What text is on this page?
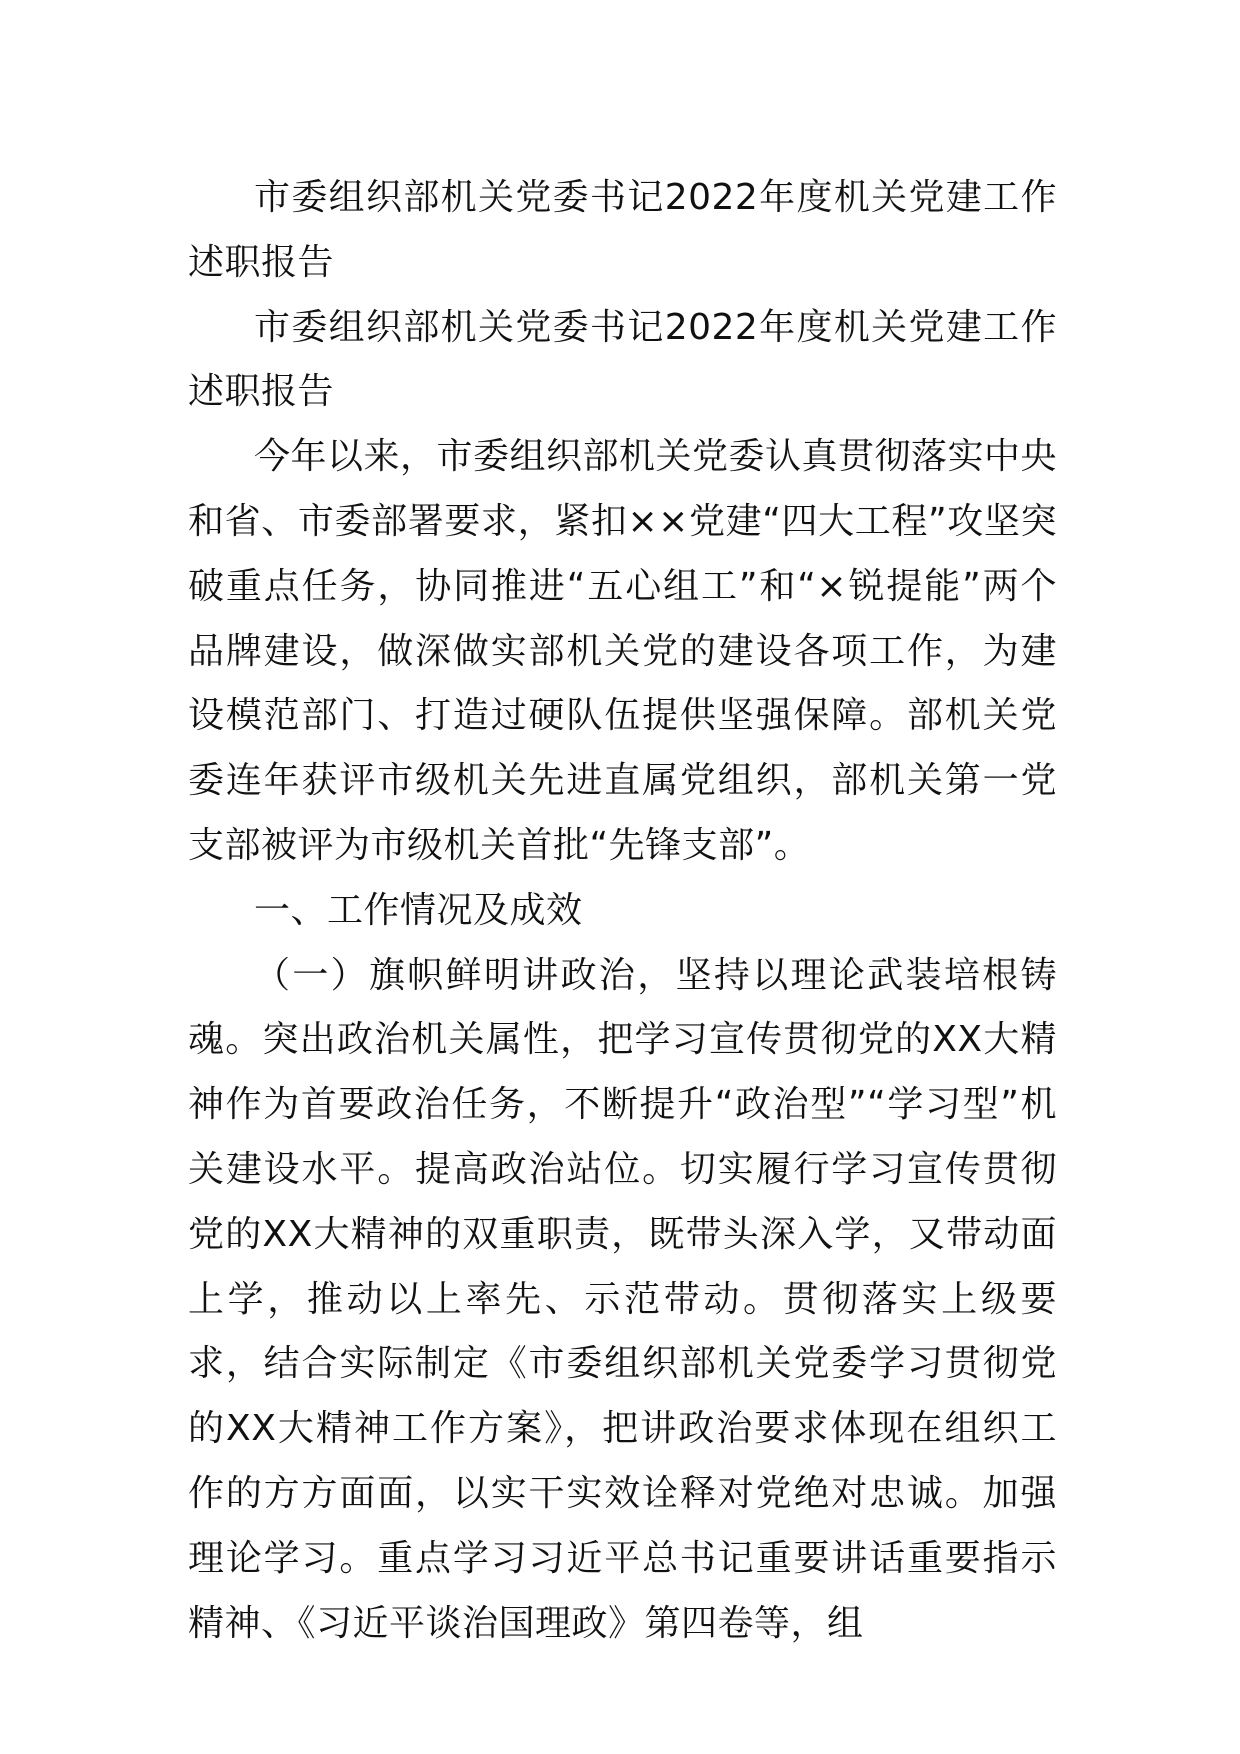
市委组织部机关党委书记2022年度机关党建工作述职报告

市委组织部机关党委书记2022年度机关党建工作述职报告

今年以来，市委组织部机关党委认真贯彻落实中央和省、市委部署要求，紧扣××党建“四大工程”攻坚突破重点任务，协同推进“五心组工”和“×锐提能”两个品牌建设，做深做实部机关党的建设各项工作，为建设模范部门、打造过硬队伍提供坚强保障。部机关党委连年获评市级机关先进直属党组织，部机关第一党支部被评为市级机关首批“先锋支部”。

一、工作情况及成效

（一）旗帜鲜明讲政治，坚持以理论武装培根铸魂。突出政治机关属性，把学习宣传贯彻党的XX大精神作为首要政治任务，不断提升“政治型”“学习型”机关建设水平。提高政治站位。切实履行学习宣传贯彻党的XX大精神的双重职责，既带头深入学，又带动面上学，推动以上率先、示范带动。贯彻落实上级要求，结合实际制定《市委组织部机关党委学习贯彻党的XX大精神工作方案》，把讲政治要求体现在组织工作的方方面面，以实干实效诠释对党绝对忠诚。加强理论学习。重点学习习近平总书记重要讲话重要指示精神、《习近平谈治国理政》第四卷等，组
